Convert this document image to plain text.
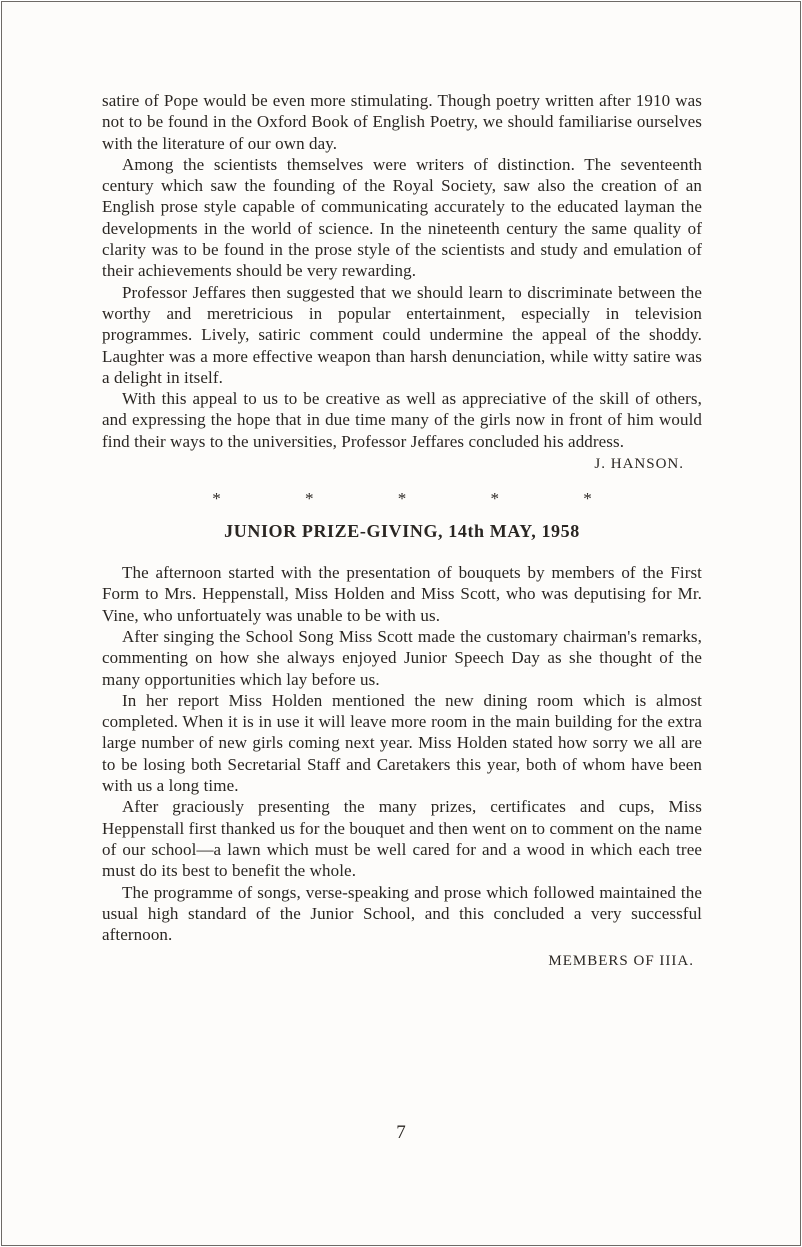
satire of Pope would be even more stimulating. Though poetry written after 1910 was not to be found in the Oxford Book of English Poetry, we should familiarise ourselves with the literature of our own day.

Among the scientists themselves were writers of distinction. The seventeenth century which saw the founding of the Royal Society, saw also the creation of an English prose style capable of communicating accurately to the educated layman the developments in the world of science. In the nineteenth century the same quality of clarity was to be found in the prose style of the scientists and study and emulation of their achievements should be very rewarding.

Professor Jeffares then suggested that we should learn to discriminate between the worthy and meretricious in popular entertainment, especially in television programmes. Lively, satiric comment could undermine the appeal of the shoddy. Laughter was a more effective weapon than harsh denunciation, while witty satire was a delight in itself.

With this appeal to us to be creative as well as appreciative of the skill of others, and expressing the hope that in due time many of the girls now in front of him would find their ways to the universities, Professor Jeffares concluded his address.

J. HANSON.
* * * * *
JUNIOR PRIZE-GIVING, 14th MAY, 1958

The afternoon started with the presentation of bouquets by members of the First Form to Mrs. Heppenstall, Miss Holden and Miss Scott, who was deputising for Mr. Vine, who unfortuately was unable to be with us.

After singing the School Song Miss Scott made the customary chairman's remarks, commenting on how she always enjoyed Junior Speech Day as she thought of the many opportunities which lay before us.

In her report Miss Holden mentioned the new dining room which is almost completed. When it is in use it will leave more room in the main building for the extra large number of new girls coming next year. Miss Holden stated how sorry we all are to be losing both Secretarial Staff and Caretakers this year, both of whom have been with us a long time.

After graciously presenting the many prizes, certificates and cups, Miss Heppenstall first thanked us for the bouquet and then went on to comment on the name of our school—a lawn which must be well cared for and a wood in which each tree must do its best to benefit the whole.

The programme of songs, verse-speaking and prose which followed maintained the usual high standard of the Junior School, and this concluded a very successful afternoon.

MEMBERS OF IIIA.
7
